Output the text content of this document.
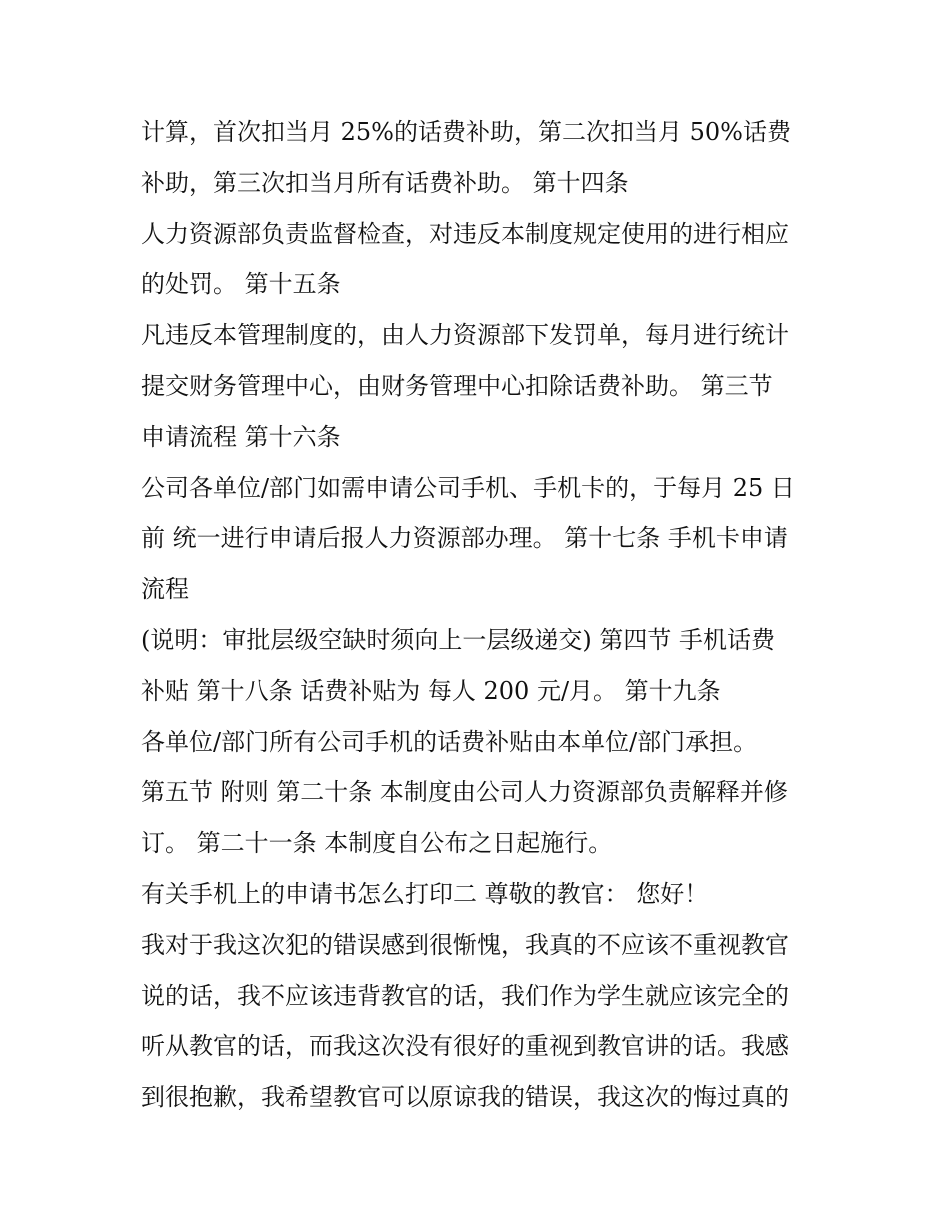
计算，首次扣当月 25%的话费补助，第二次扣当月 50%话费
补助，第三次扣当月所有话费补助。 第十四条
人力资源部负责监督检查，对违反本制度规定使用的进行相应
的处罚。 第十五条
凡违反本管理制度的，由人力资源部下发罚单，每月进行统计
提交财务管理中心，由财务管理中心扣除话费补助。 第三节
申请流程 第十六条
公司各单位/部门如需申请公司手机、手机卡的，于每月 25 日
前 统一进行申请后报人力资源部办理。 第十七条 手机卡申请
流程
(说明：审批层级空缺时须向上一层级递交) 第四节 手机话费
补贴 第十八条 话费补贴为 每人 200 元/月。 第十九条
各单位/部门所有公司手机的话费补贴由本单位/部门承担。
第五节 附则 第二十条 本制度由公司人力资源部负责解释并修
订。 第二十一条 本制度自公布之日起施行。
有关手机上的申请书怎么打印二 尊敬的教官： 您好！
我对于我这次犯的错误感到很惭愧，我真的不应该不重视教官
说的话，我不应该违背教官的话，我们作为学生就应该完全的
听从教官的话，而我这次没有很好的重视到教官讲的话。我感
到很抱歉，我希望教官可以原谅我的错误，我这次的悔过真的
